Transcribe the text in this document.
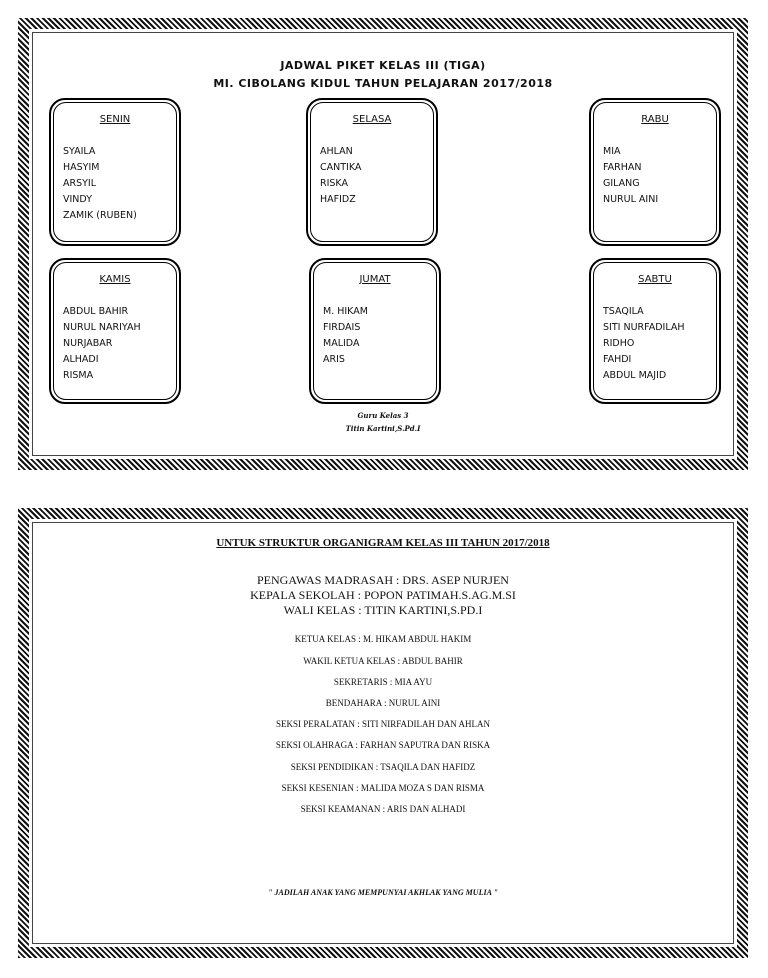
JADWAL PIKET KELAS III (TIGA)
MI. CIBOLANG KIDUL TAHUN PELAJARAN 2017/2018
SENIN
SYAILA
HASYIM
ARSYIL
VINDY
ZAMIK (RUBEN)
SELASA
AHLAN
CANTIKA
RISKA
HAFIDZ
RABU
MIA
FARHAN
GILANG
NURUL AINI
KAMIS
ABDUL BAHIR
NURUL NARIYAH
NURJABAR
ALHADI
RISMA
JUMAT
M. HIKAM
FIRDAIS
MALIDA
ARIS
SABTU
TSAQILA
SITI NURFADILAH
RIDHO
FAHDI
ABDUL MAJID
Guru Kelas 3
Titin Kartini,S.Pd.I
UNTUK STRUKTUR ORGANIGRAM KELAS III TAHUN 2017/2018
PENGAWAS MADRASAH : DRS. ASEP NURJEN
KEPALA SEKOLAH : POPON PATIMAH.S.AG.M.SI
WALI KELAS : TITIN KARTINI,S.PD.I
KETUA KELAS : M. HIKAM ABDUL HAKIM
WAKIL KETUA KELAS : ABDUL BAHIR
SEKRETARIS : MIA AYU
BENDAHARA : NURUL AINI
SEKSI PERALATAN : SITI NIRFADILAH DAN AHLAN
SEKSI OLAHRAGA : FARHAN SAPUTRA DAN RISKA
SEKSI PENDIDIKAN : TSAQILA DAN HAFIDZ
SEKSI KESENIAN : MALIDA MOZA S DAN RISMA
SEKSI KEAMANAN : ARIS DAN ALHADI
" JADILAH ANAK YANG MEMPUNYAI AKHLAK YANG MULIA "
